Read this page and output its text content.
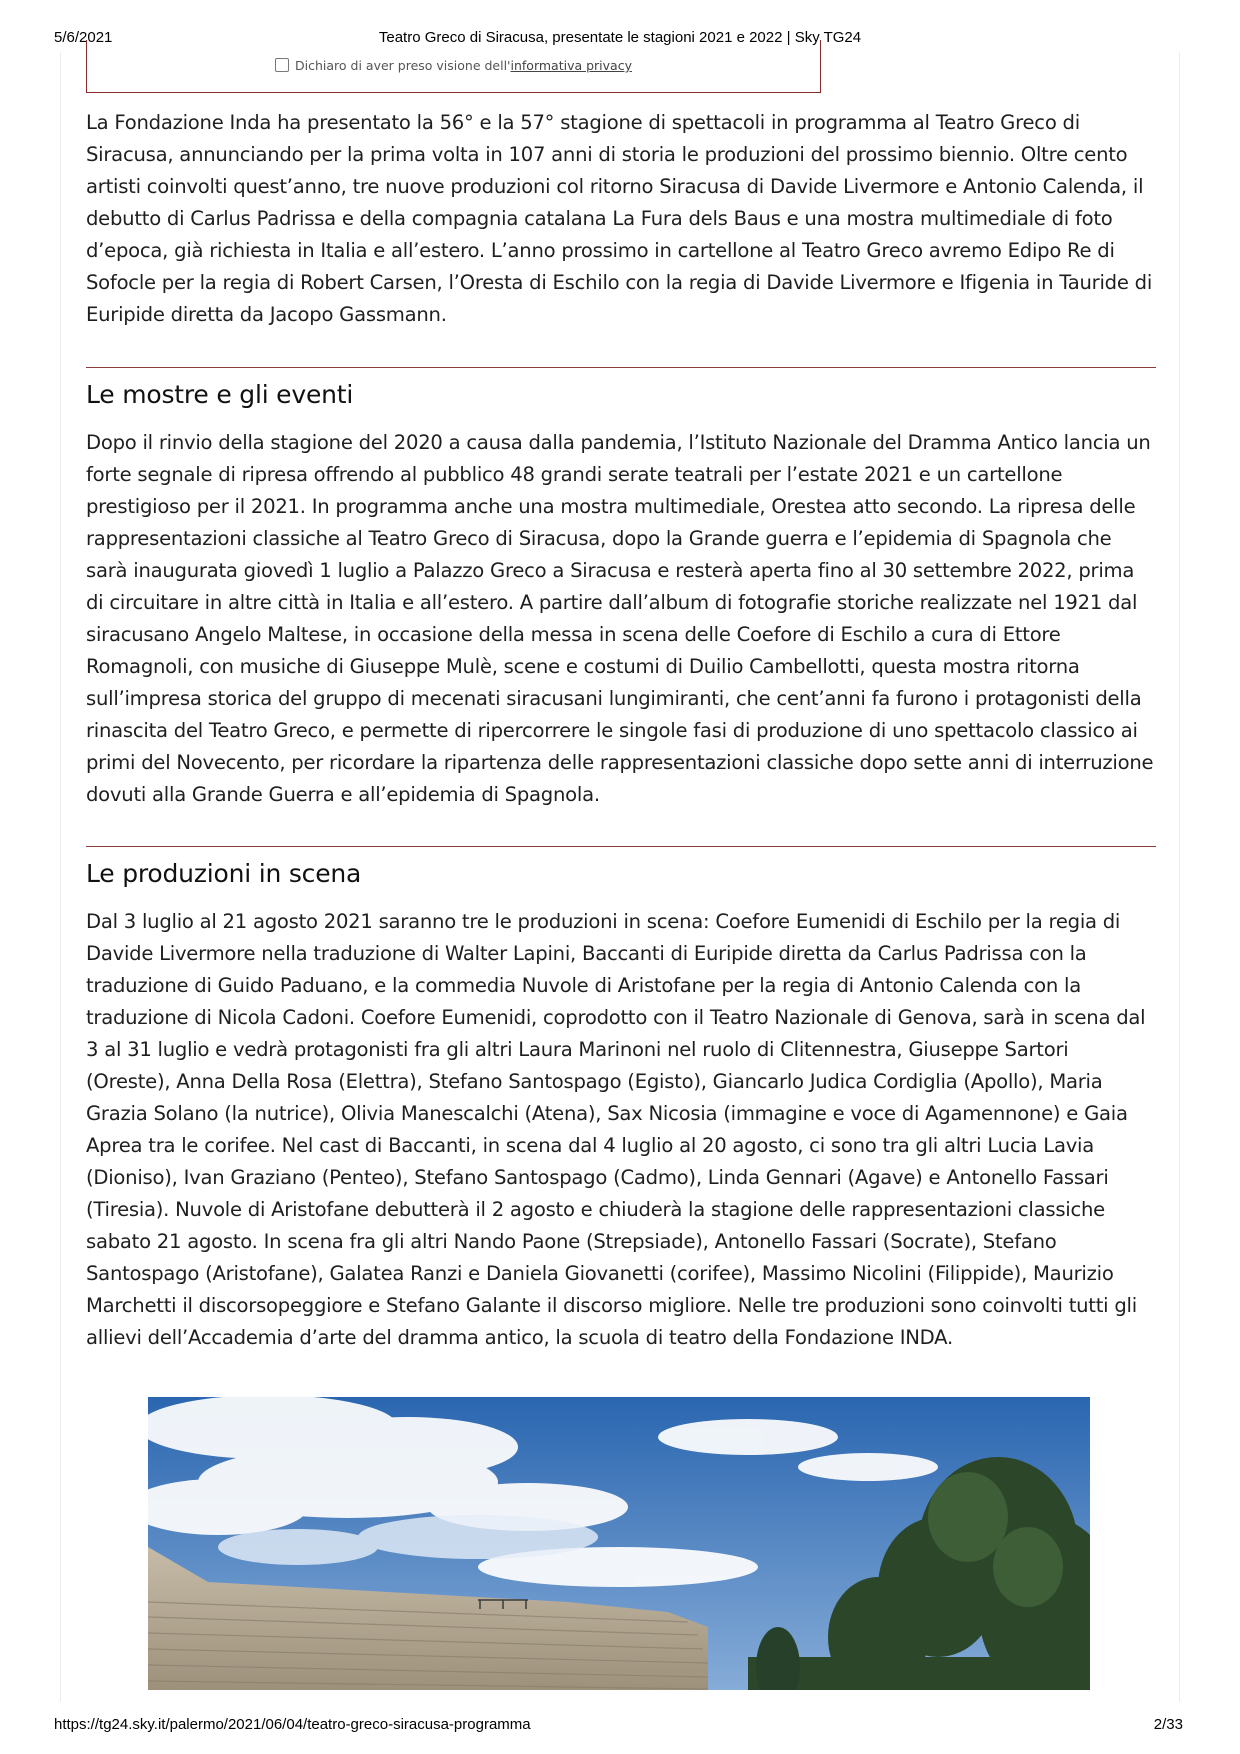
5/6/2021	Teatro Greco di Siracusa, presentate le stagioni 2021 e 2022 | Sky TG24
Dichiaro di aver preso visione dell'informativa privacy

La Fondazione Inda ha presentato la 56° e la 57° stagione di spettacoli in programma al Teatro Greco di Siracusa, annunciando per la prima volta in 107 anni di storia le produzioni del prossimo biennio. Oltre cento artisti coinvolti quest’anno, tre nuove produzioni col ritorno Siracusa di Davide Livermore e Antonio Calenda, il debutto di Carlus Padrissa e della compagnia catalana La Fura dels Baus e una mostra multimediale di foto d’epoca, già richiesta in Italia e all’estero. L’anno prossimo in cartellone al Teatro Greco avremo Edipo Re di Sofocle per la regia di Robert Carsen, l’Oresta di Eschilo con la regia di Davide Livermore e Ifigenia in Tauride di Euripide diretta da Jacopo Gassmann.

Le mostre e gli eventi

Dopo il rinvio della stagione del 2020 a causa dalla pandemia, l’Istituto Nazionale del Dramma Antico lancia un forte segnale di ripresa offrendo al pubblico 48 grandi serate teatrali per l’estate 2021 e un cartellone prestigioso per il 2021. In programma anche una mostra multimediale, Orestea atto secondo. La ripresa delle rappresentazioni classiche al Teatro Greco di Siracusa, dopo la Grande guerra e l’epidemia di Spagnola che sarà inaugurata giovedì 1 luglio a Palazzo Greco a Siracusa e resterà aperta fino al 30 settembre 2022, prima di circuitare in altre città in Italia e all’estero. A partire dall’album di fotografie storiche realizzate nel 1921 dal siracusano Angelo Maltese, in occasione della messa in scena delle Coefore di Eschilo a cura di Ettore Romagnoli, con musiche di Giuseppe Mulè, scene e costumi di Duilio Cambellotti, questa mostra ritorna sull’impresa storica del gruppo di mecenati siracusani lungimiranti, che cent’anni fa furono i protagonisti della rinascita del Teatro Greco, e permette di ripercorrere le singole fasi di produzione di uno spettacolo classico ai primi del Novecento, per ricordare la ripartenza delle rappresentazioni classiche dopo sette anni di interruzione dovuti alla Grande Guerra e all’epidemia di Spagnola.

Le produzioni in scena

Dal 3 luglio al 21 agosto 2021 saranno tre le produzioni in scena: Coefore Eumenidi di Eschilo per la regia di Davide Livermore nella traduzione di Walter Lapini, Baccanti di Euripide diretta da Carlus Padrissa con la traduzione di Guido Paduano, e la commedia Nuvole di Aristofane per la regia di Antonio Calenda con la traduzione di Nicola Cadoni. Coefore Eumenidi, coprodotto con il Teatro Nazionale di Genova, sarà in scena dal 3 al 31 luglio e vedrà protagonisti fra gli altri Laura Marinoni nel ruolo di Clitennestra, Giuseppe Sartori (Oreste), Anna Della Rosa (Elettra), Stefano Santospago (Egisto), Giancarlo Judica Cordiglia (Apollo), Maria Grazia Solano (la nutrice), Olivia Manescalchi (Atena), Sax Nicosia (immagine e voce di Agamennone) e Gaia Aprea tra le corifee. Nel cast di Baccanti, in scena dal 4 luglio al 20 agosto, ci sono tra gli altri Lucia Lavia (Dioniso), Ivan Graziano (Penteo), Stefano Santospago (Cadmo), Linda Gennari (Agave) e Antonello Fassari (Tiresia). Nuvole di Aristofane debutterà il 2 agosto e chiuderà la stagione delle rappresentazioni classiche sabato 21 agosto. In scena fra gli altri Nando Paone (Strepsiade), Antonello Fassari (Socrate), Stefano Santospago (Aristofane), Galatea Ranzi e Daniela Giovanetti (corifee), Massimo Nicolini (Filippide), Maurizio Marchetti il discorsopeggiore e Stefano Galante il discorso migliore. Nelle tre produzioni sono coinvolti tutti gli allievi dell’Accademia d’arte del dramma antico, la scuola di teatro della Fondazione INDA.

https://tg24.sky.it/palermo/2021/06/04/teatro-greco-siracusa-programma	2/33
